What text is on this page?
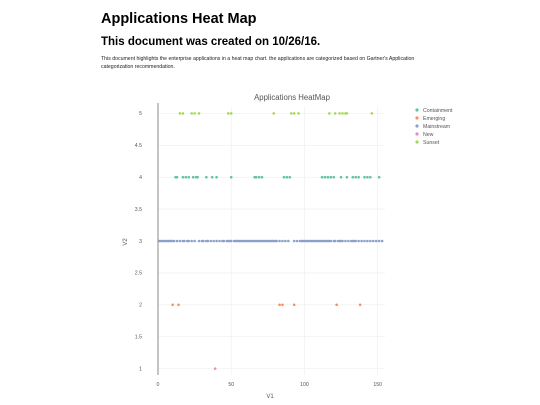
Applications Heat Map
This document was created on 10/26/16.
This document highlights the enterprise applications in a heat map chart. the applications are categorized based on Gartner's Application categorization recommendation.
Applications HeatMap
1
1.5
2
2.5
3
3.5
4
4.5
5
0	50	100	150
V1
V2
Containment
Emerging
Mainstream
New
Sunset
